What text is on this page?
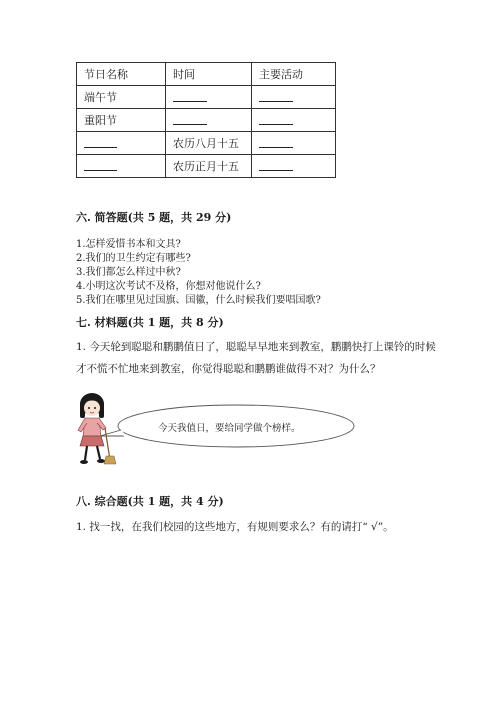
节日名称	时间	主要活动
端午节		
重阳节		
	农历八月十五	
	农历正月十五	
六. 简答题(共 5 题，共 29 分)
1.怎样爱惜书本和文具?
2.我们的卫生约定有哪些?
3.我们都怎么样过中秋?
4.小明这次考试不及格，你想对他说什么?
5.我们在哪里见过国旗、国徽，什么时候我们要唱国歌?
七. 材料题(共 1 题，共 8 分)
1. 今天轮到聪聪和鹏鹏值日了，聪聪早早地来到教室，鹏鹏快打上课铃的时候
才不慌不忙地来到教室，你觉得聪聪和鹏鹏谁做得不对？为什么？
今天我值日，要给同学做个榜样。
八. 综合题(共 1 题，共 4 分)
1. 找一找，在我们校园的这些地方，有规则要求么？有的请打“ √”。
